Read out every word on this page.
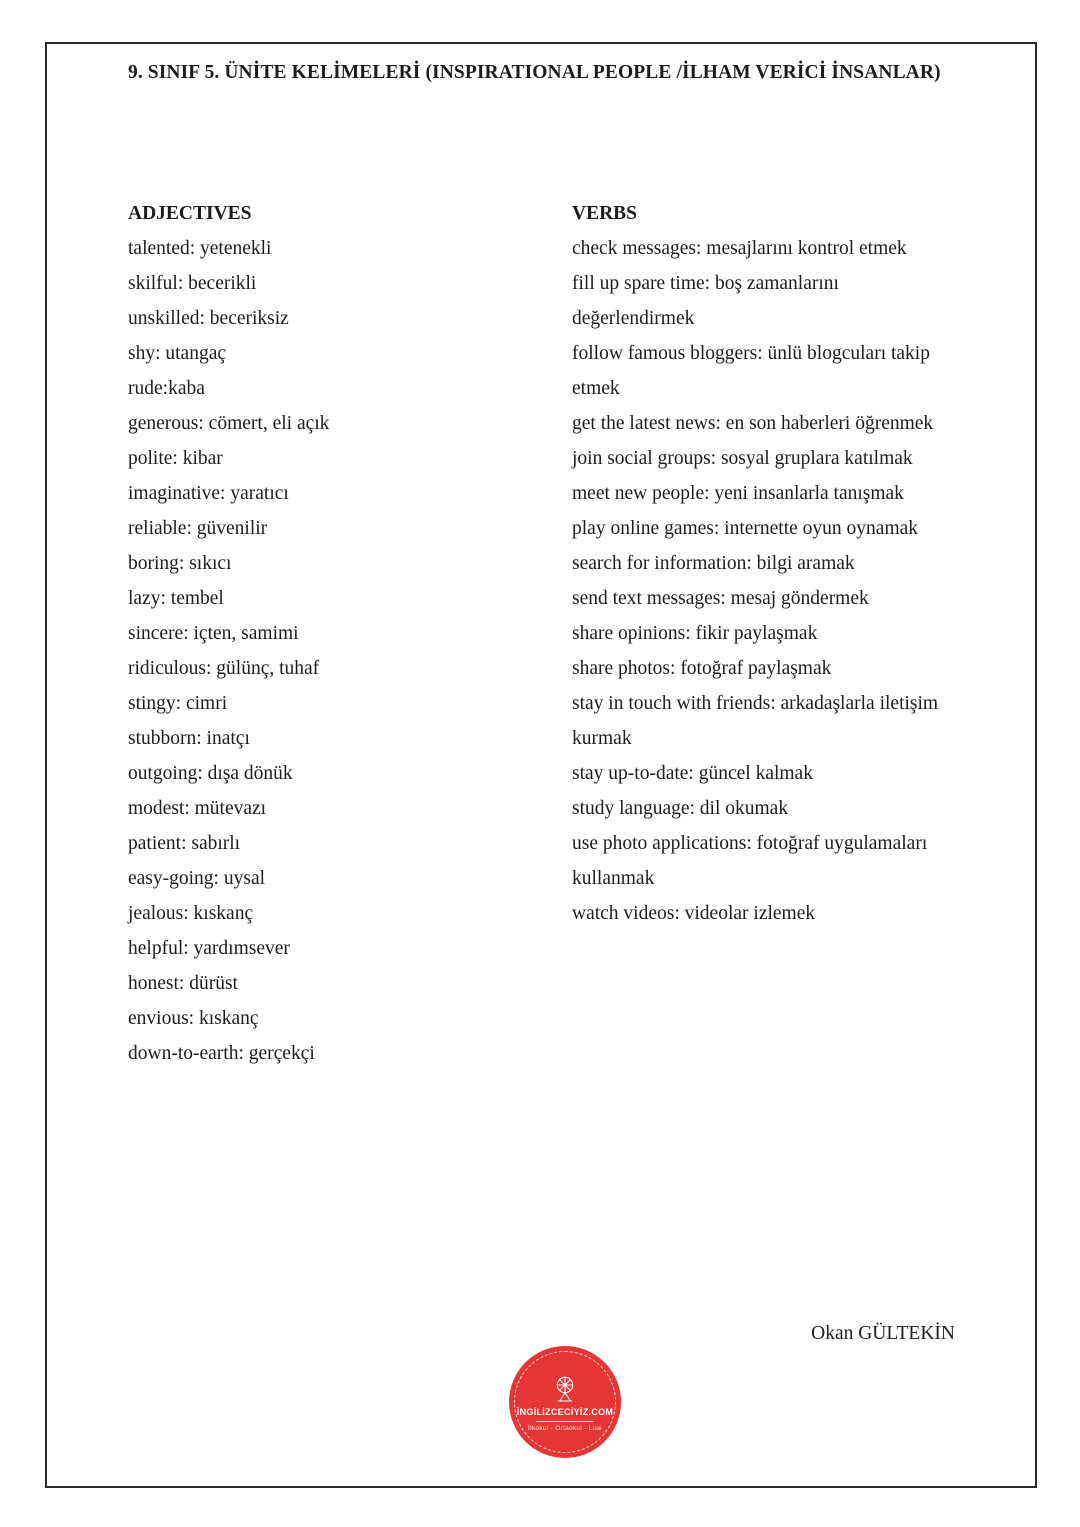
9. SINIF 5. ÜNİTE KELİMELERİ (INSPIRATIONAL PEOPLE /İLHAM VERİCİ İNSANLAR)
ADJECTIVES
talented: yetenekli
skilful: becerikli
unskilled: beceriksiz
shy: utangaç
rude:kaba
generous: cömert, eli açık
polite: kibar
imaginative: yaratıcı
reliable: güvenilir
boring: sıkıcı
lazy: tembel
sincere: içten, samimi
ridiculous: gülünç, tuhaf
stingy: cimri
stubborn: inatçı
outgoing: dışa dönük
modest: mütevazı
patient: sabırlı
easy-going: uysal
jealous: kıskanç
helpful: yardımsever
honest: dürüst
envious: kıskanç
down-to-earth: gerçekçi
VERBS
check messages: mesajlarını kontrol etmek
fill up spare time: boş zamanlarını değerlendirmek
follow famous bloggers: ünlü blogcuları takip etmek
get the latest news: en son haberleri öğrenmek
join social groups: sosyal gruplara katılmak
meet new people: yeni insanlarla tanışmak
play online games: internette oyun oynamak
search for information: bilgi aramak
send text messages: mesaj göndermek
share opinions: fikir paylaşmak
share photos: fotoğraf paylaşmak
stay in touch with friends: arkadaşlarla iletişim kurmak
stay up-to-date: güncel kalmak
study language: dil okumak
use photo applications: fotoğraf uygulamaları kullanmak
watch videos: videolar izlemek
Okan GÜLTEKİN
İNGİLİZCECİYİZ.COM
İlkokul - Ortaokul - Lise
